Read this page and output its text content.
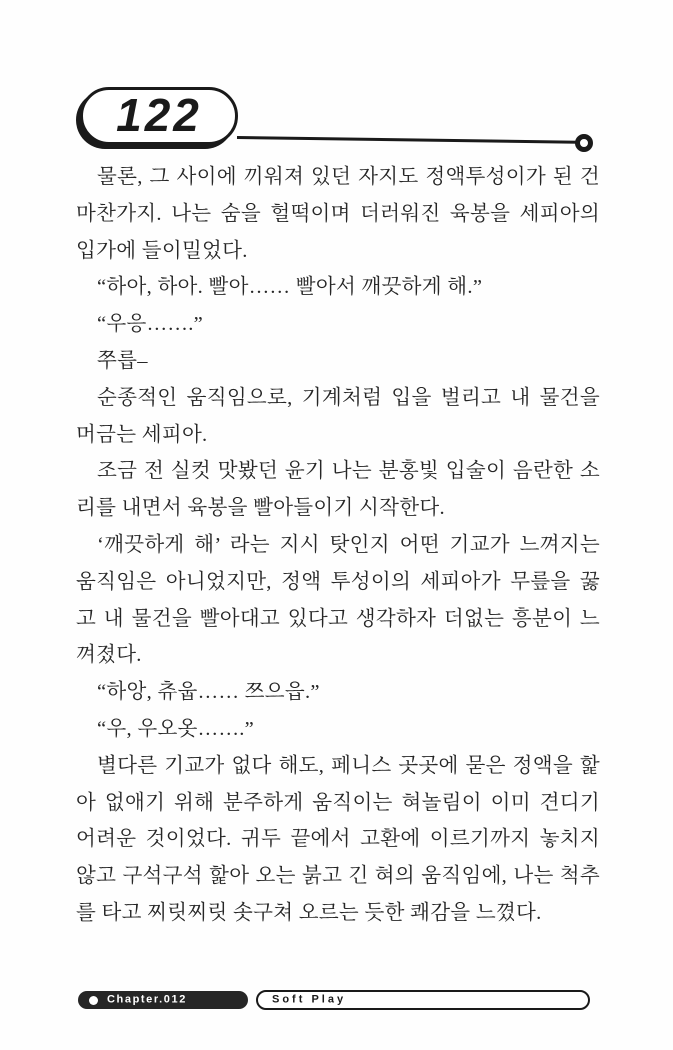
122
물론, 그 사이에 끼워져 있던 자지도 정액투성이가 된 건
마찬가지. 나는 숨을 헐떡이며 더러워진 육봉을 세피아의
입가에 들이밀었다.
“하아, 하아. 빨아…… 빨아서 깨끗하게 해.”
“우응…….”
쭈릅–
순종적인 움직임으로, 기계처럼 입을 벌리고 내 물건을
머금는 세피아.
조금 전 실컷 맛봤던 윤기 나는 분홍빛 입술이 음란한 소
리를 내면서 육봉을 빨아들이기 시작한다.
‘깨끗하게 해’ 라는 지시 탓인지 어떤 기교가 느껴지는
움직임은 아니었지만, 정액 투성이의 세피아가 무릎을 꿇
고 내 물건을 빨아대고 있다고 생각하자 더없는 흥분이 느
껴졌다.
“하앙, 츄웁…… 쯔으읍.”
“우, 우오옷…….”
별다른 기교가 없다 해도, 페니스 곳곳에 묻은 정액을 핥
아 없애기 위해 분주하게 움직이는 혀놀림이 이미 견디기
어려운 것이었다. 귀두 끝에서 고환에 이르기까지 놓치지
않고 구석구석 핥아 오는 붉고 긴 혀의 움직임에, 나는 척추
를 타고 찌릿찌릿 솟구쳐 오르는 듯한 쾌감을 느꼈다.
Chapter.012	Soft Play
